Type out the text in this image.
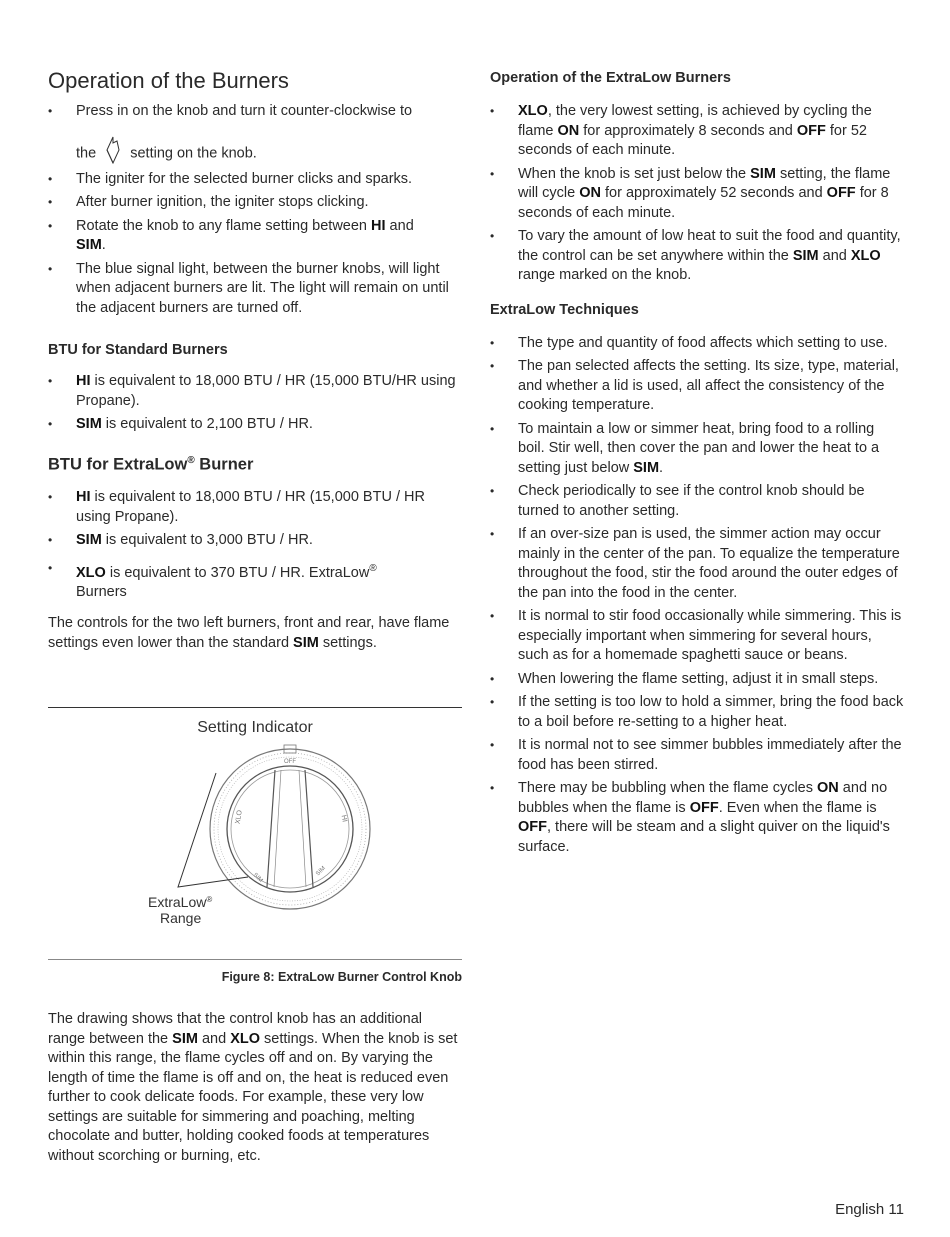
Operation of the Burners
• Press in on the knob and turn it counter-clockwise to
the setting on the knob.
• The igniter for the selected burner clicks and sparks.
• After burner ignition, the igniter stops clicking.
• Rotate the knob to any flame setting between HI and
SIM.
• The blue signal light, between the burner knobs, will light when adjacent burners are lit. The light will remain on until the adjacent burners are turned off.
BTU for Standard Burners
• HI is equivalent to 18,000 BTU / HR (15,000 BTU/HR using Propane).
• SIM is equivalent to 2,100 BTU / HR.
BTU for ExtraLow® Burner
• HI is equivalent to 18,000 BTU / HR (15,000 BTU / HR using Propane).
• SIM is equivalent to 3,000 BTU / HR.
• XLO is equivalent to 370 BTU / HR. ExtraLow®
Burners

The controls for the two left burners, front and rear, have flame settings even lower than the standard SIM settings.

Setting Indicator
OFF
XLO	HI
SIM
SIM
ExtraLow®
Range
Figure 8: ExtraLow Burner Control Knob

The drawing shows that the control knob has an additional range between the SIM and XLO settings. When the knob is set within this range, the flame cycles off and on. By varying the length of time the flame is off and on, the heat is reduced even further to cook delicate foods. For example, these very low settings are suitable for simmering and poaching, melting chocolate and butter, holding cooked foods at temperatures without scorching or burning, etc.

Operation of the ExtraLow Burners
• XLO, the very lowest setting, is achieved by cycling the flame ON for approximately 8 seconds and OFF for 52 seconds of each minute.
• When the knob is set just below the SIM setting, the flame will cycle ON for approximately 52 seconds and OFF for 8 seconds of each minute.
• To vary the amount of low heat to suit the food and quantity, the control can be set anywhere within the SIM and XLO range marked on the knob.
ExtraLow Techniques
• The type and quantity of food affects which setting to use.
• The pan selected affects the setting. Its size, type, material, and whether a lid is used, all affect the consistency of the cooking temperature.
• To maintain a low or simmer heat, bring food to a rolling boil. Stir well, then cover the pan and lower the heat to a setting just below SIM.
• Check periodically to see if the control knob should be turned to another setting.
• If an over-size pan is used, the simmer action may occur mainly in the center of the pan. To equalize the temperature throughout the food, stir the food around the outer edges of the pan into the food in the center.
• It is normal to stir food occasionally while simmering. This is especially important when simmering for several hours, such as for a homemade spaghetti sauce or beans.
• When lowering the flame setting, adjust it in small steps.
• If the setting is too low to hold a simmer, bring the food back to a boil before re-setting to a higher heat.
• It is normal not to see simmer bubbles immediately after the food has been stirred.
• There may be bubbling when the flame cycles ON and no bubbles when the flame is OFF. Even when the flame is OFF, there will be steam and a slight quiver on the liquid's surface.
English 11
